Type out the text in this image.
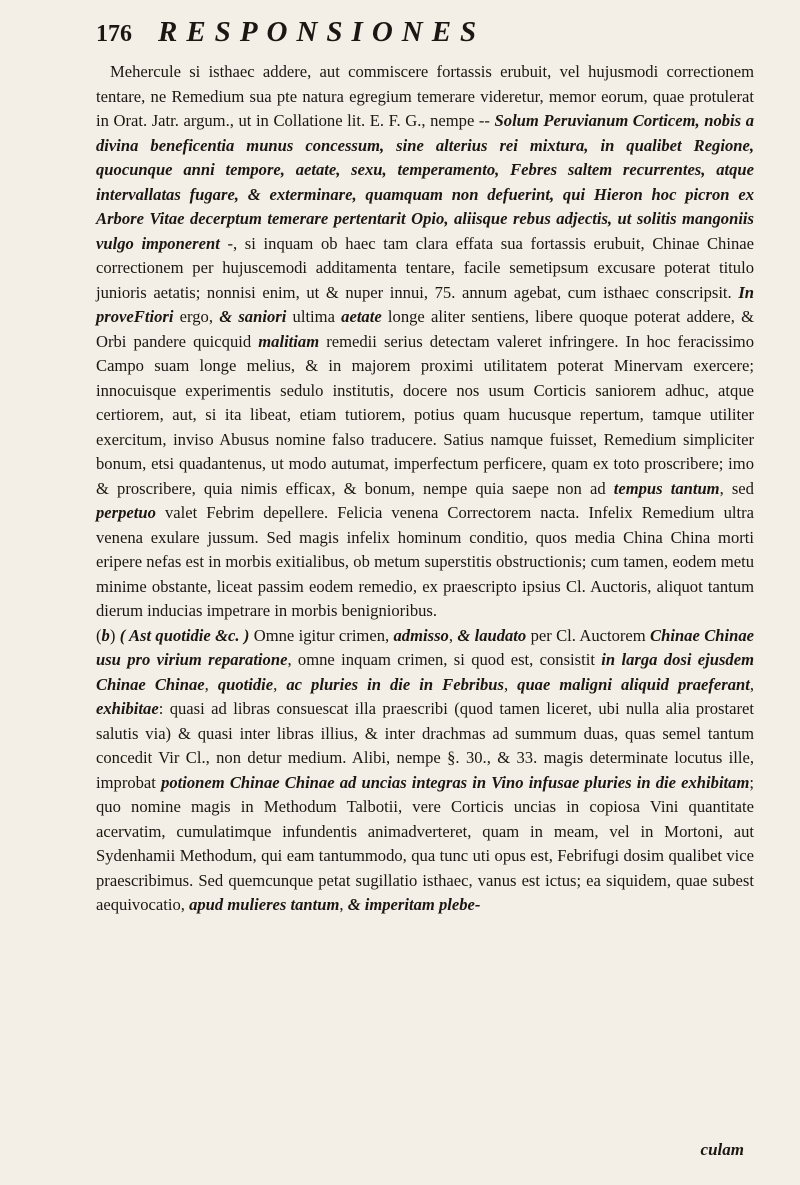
176 RESPONSIONES

Mehercule si isthaec addere, aut commiscere fortassis erubuit, vel hujusmodi correctionem tentare, ne Remedium sua pte natura egregium temerare videretur, memor eorum, quae protulerat in Orat. Jatr. argum., ut in Collatione lit. E. F. G., nempe -- Solum Peruvianum Corticem, nobis a divina beneficentia munus concessum, sine alterius rei mixtura, in qualibet Regione, quocunque anni tempore, aetate, sexu, temperamento, Febres saltem recurrentes, atque intervallatas fugare, & exterminare, quamquam non defuerint, qui Hieron hoc picron ex Arbore Vitae decerptum temerare pertentarit Opio, aliisque rebus adjectis, ut solitis mangoniis vulgo imponerent -, si inquam ob haec tam clara effata sua fortassis erubuit, Chinae Chinae correctionem per hujuscemodi additamenta tentare, facile semetipsum excusare poterat titulo junioris aetatis; nonnisi enim, ut & nuper innui, 75. annum agebat, cum isthaec conscripsit. In proveFtiori ergo, & saniori ultima aetate longe aliter sentiens, libere quoque poterat addere, & Orbi pandere quicquid malitiam remedii serius detectam valeret infringere. In hoc feracissimo Campo suam longe melius, & in majorem proximi utilitatem poterat Minervam exercere; innocuisque experimentis sedulo institutis, docere nos usum Corticis saniorem adhuc, atque certiorem, aut, si ita libeat, etiam tutiorem, potius quam hucusque repertum, tamque utiliter exercitum, inviso Abusus nomine falso traducere. Satius namque fuisset, Remedium simpliciter bonum, etsi quadantenus, ut modo autumat, imperfectum perficere, quam ex toto proscribere; imo & proscribere, quia nimis efficax, & bonum, nempe quia saepe non ad tempus tantum, sed perpetuo valet Febrim depellere. Felicia venena Correctorem nacta. Infelix Remedium ultra venena exulare jussum. Sed magis infelix hominum conditio, quos media China China morti eripere nefas est in morbis exitialibus, ob metum superstitis obstructionis; cum tamen, eodem metu minime obstante, liceat passim eodem remedio, ex praescripto ipsius Cl. Auctoris, aliquot tantum dierum inducias impetrare in morbis benignioribus.

(b) ( Ast quotidie &c. ) Omne igitur crimen, admisso, & laudato per Cl. Auctorem Chinae Chinae usu pro virium reparatione, omne inquam crimen, si quod est, consistit in larga dosi ejusdem Chinae Chinae, quotidie, ac pluries in die in Febribus, quae maligni aliquid praeferant, exhibitae: quasi ad libras consuescat illa praescribi (quod tamen liceret, ubi nulla alia prostaret salutis via) & quasi inter libras illius, & inter drachmas ad summum duas, quas semel tantum concedit Vir Cl., non detur medium. Alibi, nempe §. 30., & 33. magis determinate locutus ille, improbat potionem Chinae Chinae ad uncias integras in Vino infusae pluries in die exhibitam; quo nomine magis in Methodum Talbotii, vere Corticis uncias in copiosa Vini quantitate acervatim, cumulatimque infundentis animadverteret, quam in meam, vel in Mortoni, aut Sydenhamii Methodum, qui eam tantummodo, qua tunc uti opus est, Febrifugi dosim qualibet vice praescribimus. Sed quemcunque petat sugillatio isthaec, vanus est ictus; ea siquidem, quae subest aequivocatio, apud mulieres tantum, & imperitam plebe-

culam
